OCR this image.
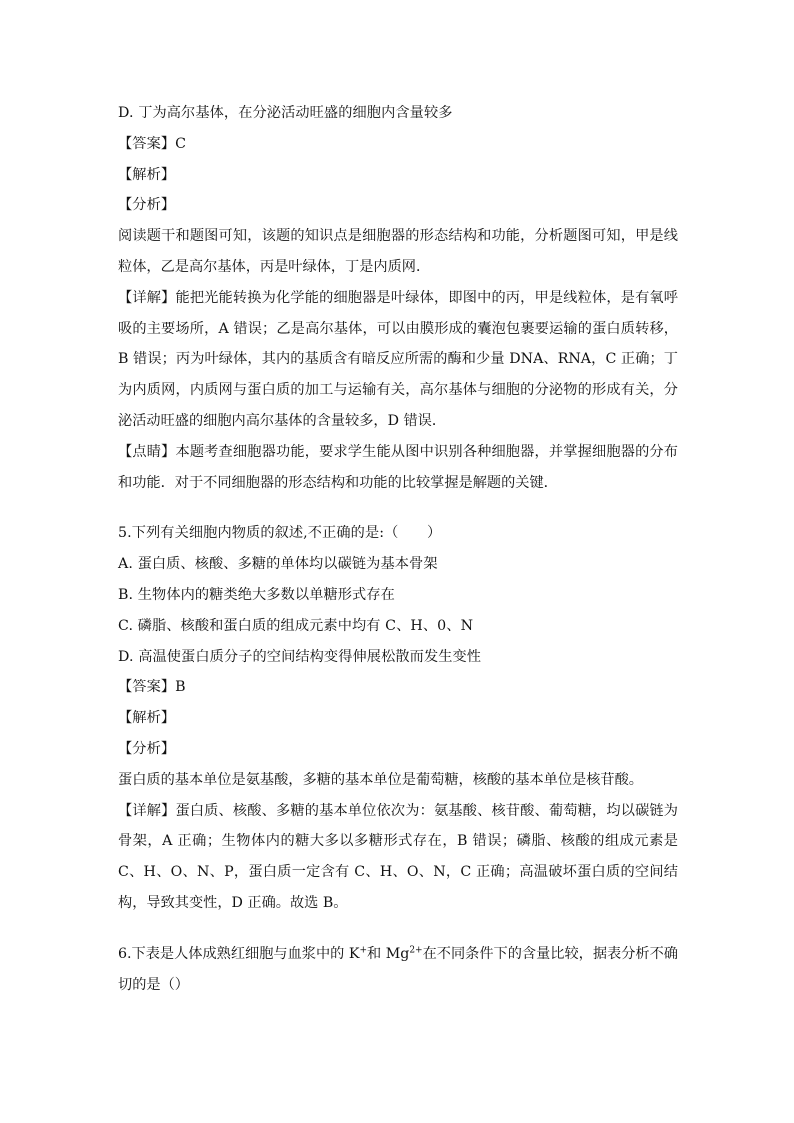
D. 丁为高尔基体，在分泌活动旺盛的细胞内含量较多
【答案】C
【解析】
【分析】
阅读题干和题图可知，该题的知识点是细胞器的形态结构和功能，分析题图可知，甲是线粒体，乙是高尔基体，丙是叶绿体，丁是内质网．
【详解】能把光能转换为化学能的细胞器是叶绿体，即图中的丙，甲是线粒体，是有氧呼吸的主要场所，A 错误；乙是高尔基体，可以由膜形成的囊泡包裹要运输的蛋白质转移，B 错误；丙为叶绿体，其内的基质含有暗反应所需的酶和少量 DNA、RNA，C 正确；丁为内质网，内质网与蛋白质的加工与运输有关，高尔基体与细胞的分泌物的形成有关，分泌活动旺盛的细胞内高尔基体的含量较多，D 错误．
【点睛】本题考查细胞器功能，要求学生能从图中识别各种细胞器，并掌握细胞器的分布和功能．对于不同细胞器的形态结构和功能的比较掌握是解题的关键．
5.下列有关细胞内物质的叙述,不正确的是:（　　）
A. 蛋白质、核酸、多糖的单体均以碳链为基本骨架
B. 生物体内的糖类绝大多数以单糖形式存在
C. 磷脂、核酸和蛋白质的组成元素中均有 C、H、0、N
D. 高温使蛋白质分子的空间结构变得伸展松散而发生变性
【答案】B
【解析】
【分析】
蛋白质的基本单位是氨基酸，多糖的基本单位是葡萄糖，核酸的基本单位是核苷酸。
【详解】蛋白质、核酸、多糖的基本单位依次为：氨基酸、核苷酸、葡萄糖，均以碳链为骨架，A 正确；生物体内的糖大多以多糖形式存在，B 错误；磷脂、核酸的组成元素是 C、H、O、N、P，蛋白质一定含有 C、H、O、N，C 正确；高温破坏蛋白质的空间结构，导致其变性，D 正确。故选 B。
6.下表是人体成熟红细胞与血浆中的 K+和 $Mg^{2+}$在不同条件下的含量比较，据表分析不确切的是（）
